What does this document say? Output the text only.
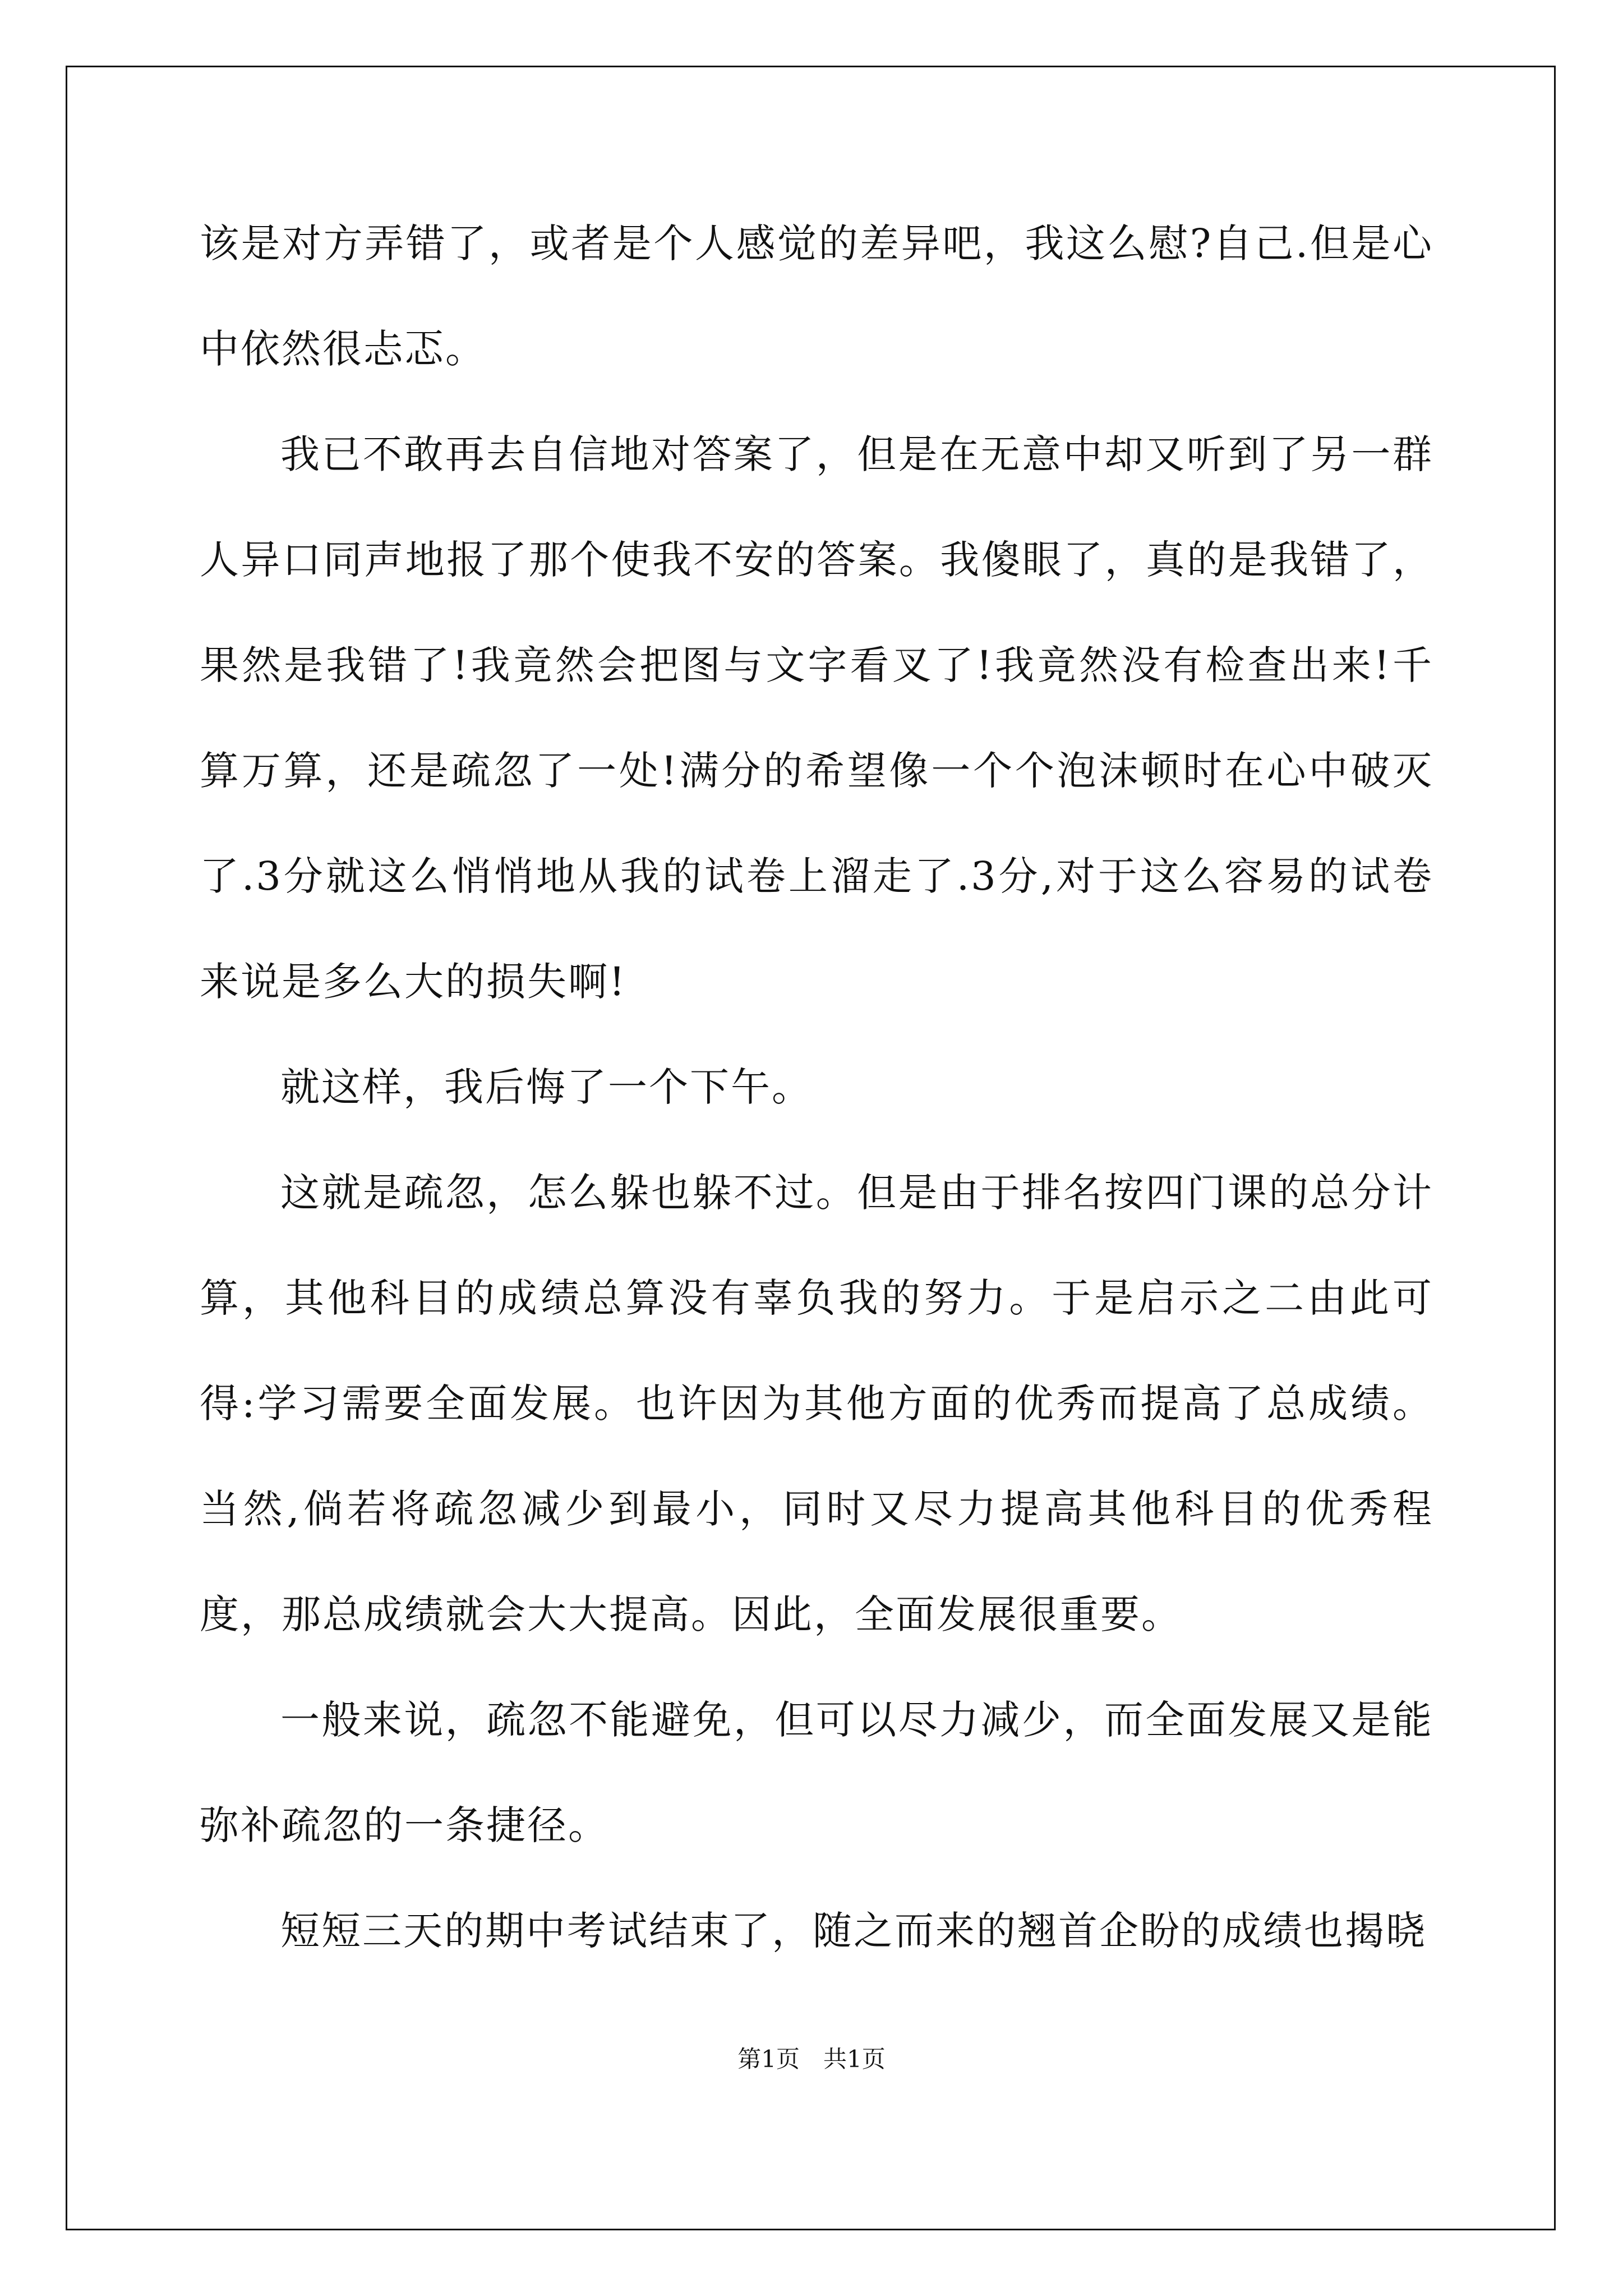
该是对方弄错了，或者是个人感觉的差异吧，我这么慰?自己.但是心中依然很忐忑。

我已不敢再去自信地对答案了，但是在无意中却又听到了另一群人异口同声地报了那个使我不安的答案。我傻眼了，真的是我错了，果然是我错了!我竟然会把图与文字看叉了!我竟然没有检查出来!千算万算，还是疏忽了一处!满分的希望像一个个泡沫顿时在心中破灭了.3分就这么悄悄地从我的试卷上溜走了.3分,对于这么容易的试卷来说是多么大的损失啊!

就这样，我后悔了一个下午。

这就是疏忽，怎么躲也躲不过。但是由于排名按四门课的总分计算，其他科目的成绩总算没有辜负我的努力。于是启示之二由此可得:学习需要全面发展。也许因为其他方面的优秀而提高了总成绩。当然,倘若将疏忽减少到最小，同时又尽力提高其他科目的优秀程度，那总成绩就会大大提高。因此，全面发展很重要。

一般来说，疏忽不能避免，但可以尽力减少，而全面发展又是能弥补疏忽的一条捷径。

短短三天的期中考试结束了，随之而来的翘首企盼的成绩也揭晓

第1页　共1页
